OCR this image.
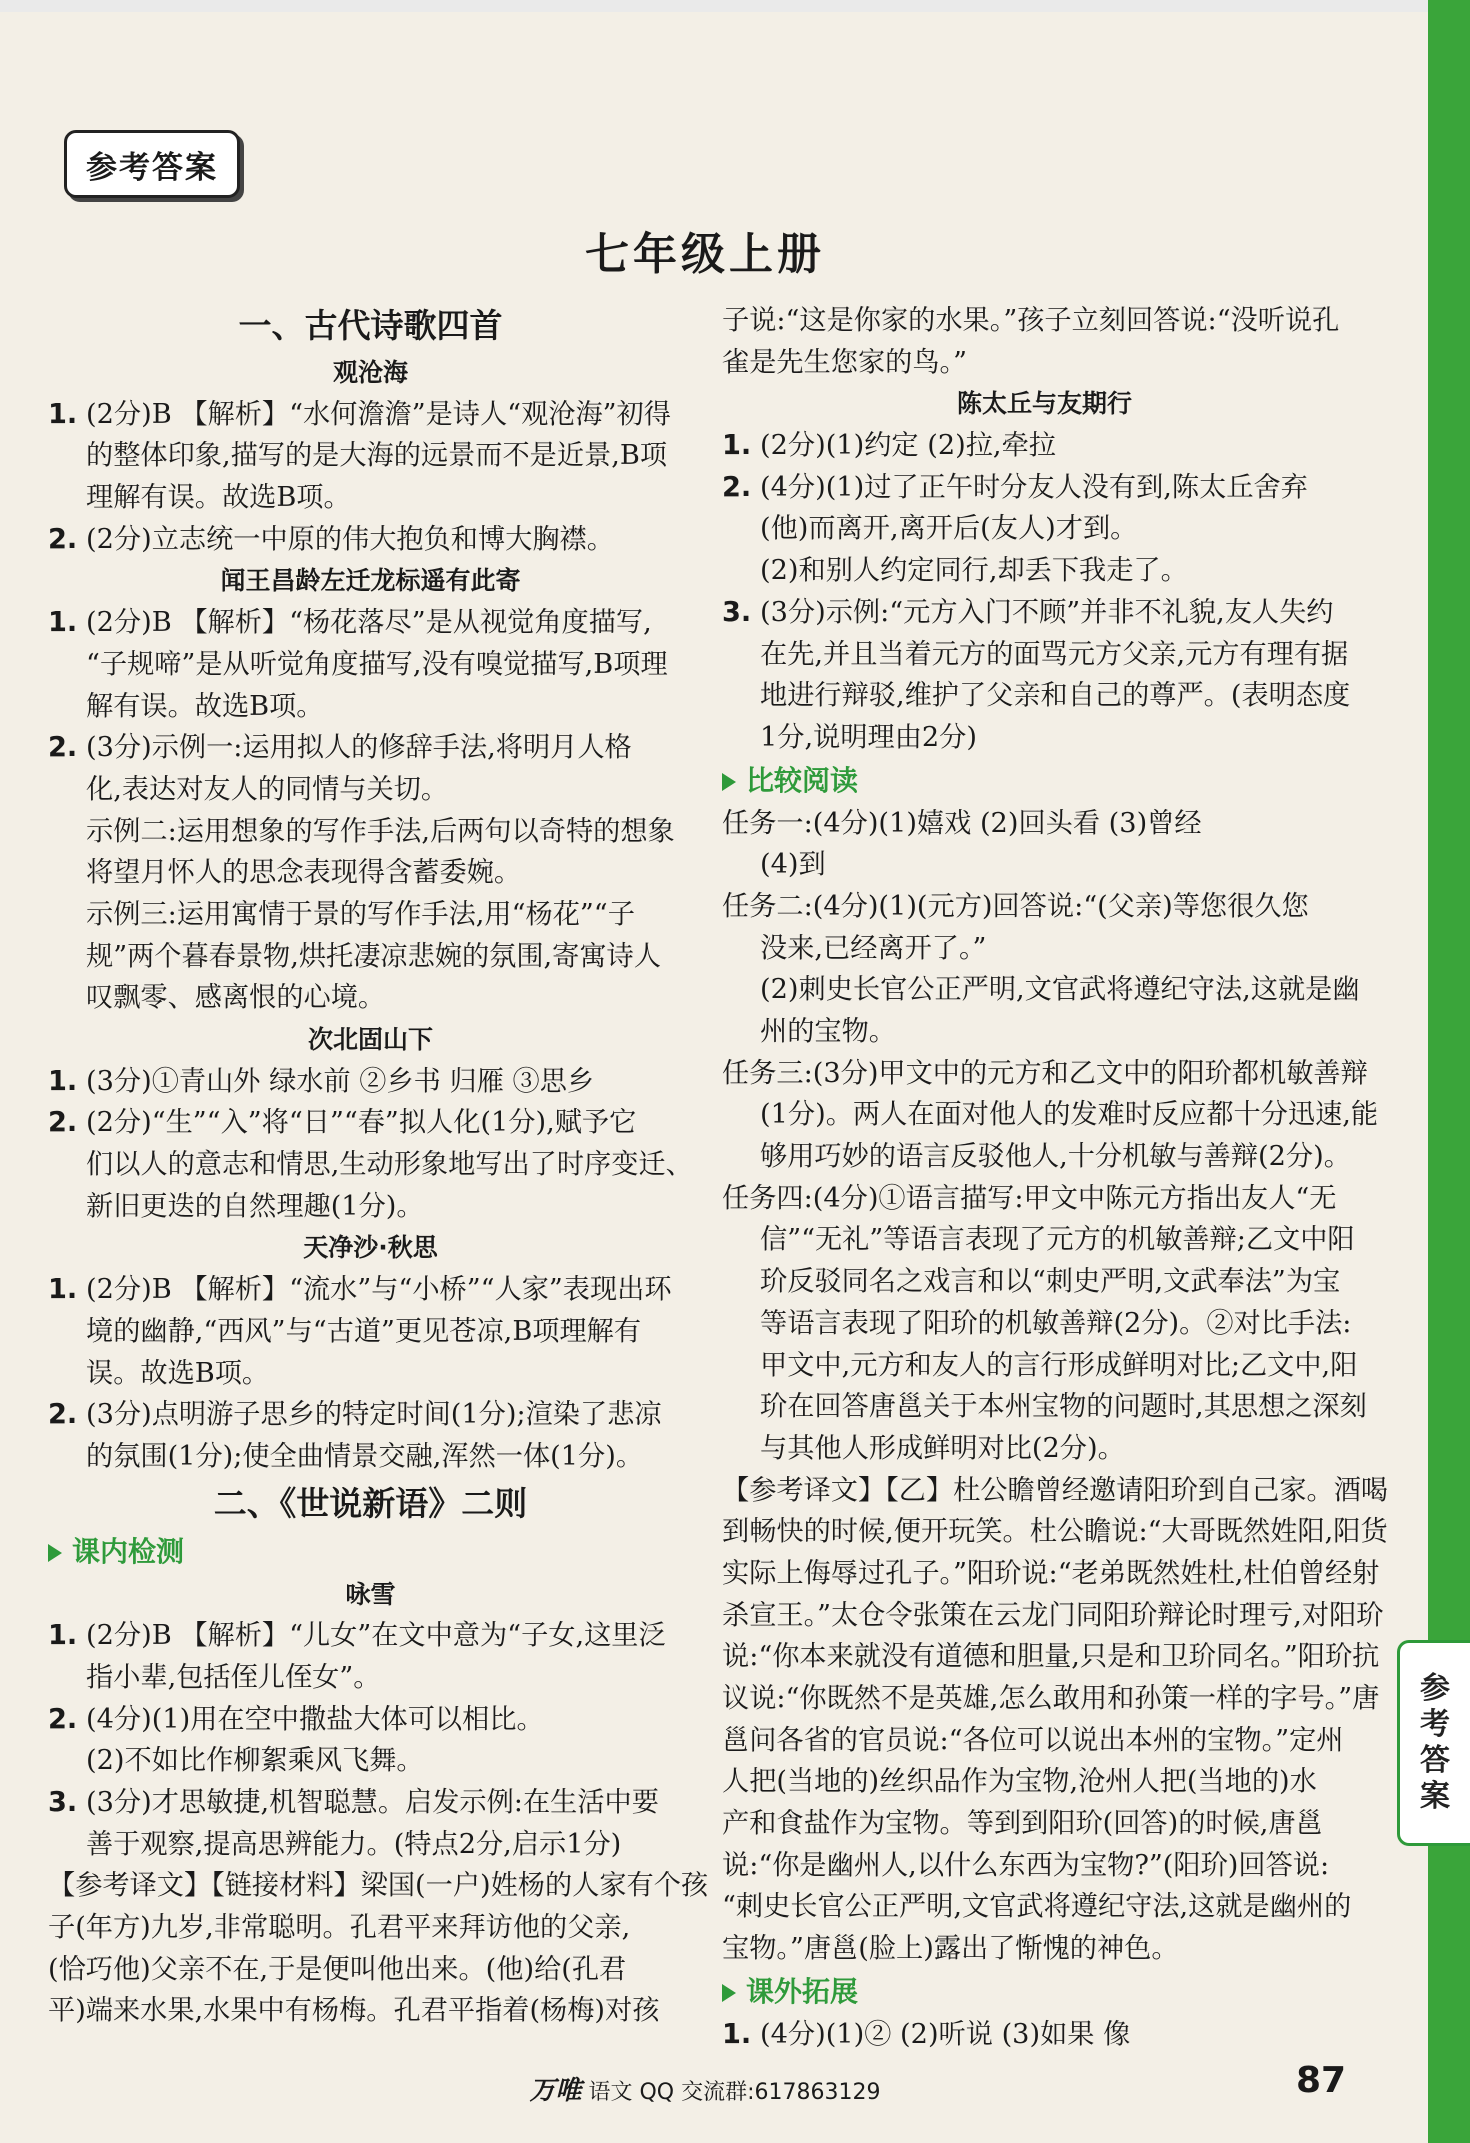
参考答案
七年级上册
一、古代诗歌四首
观沧海
1. (2分)B 【解析】“水何澹澹”是诗人“观沧海”初得
的整体印象,描写的是大海的远景而不是近景,B项
理解有误。故选B项。
2. (2分)立志统一中原的伟大抱负和博大胸襟。
闻王昌龄左迁龙标遥有此寄
1. (2分)B 【解析】“杨花落尽”是从视觉角度描写,
“子规啼”是从听觉角度描写,没有嗅觉描写,B项理
解有误。故选B项。
2. (3分)示例一:运用拟人的修辞手法,将明月人格
化,表达对友人的同情与关切。
示例二:运用想象的写作手法,后两句以奇特的想象
将望月怀人的思念表现得含蓄委婉。
示例三:运用寓情于景的写作手法,用“杨花”“子
规”两个暮春景物,烘托凄凉悲婉的氛围,寄寓诗人
叹飘零、感离恨的心境。
次北固山下
1. (3分)①青山外 绿水前 ②乡书 归雁 ③思乡
2. (2分)“生”“入”将“日”“春”拟人化(1分),赋予它
们以人的意志和情思,生动形象地写出了时序变迁、
新旧更迭的自然理趣(1分)。
天净沙·秋思
1. (2分)B 【解析】“流水”与“小桥”“人家”表现出环
境的幽静,“西风”与“古道”更见苍凉,B项理解有
误。故选B项。
2. (3分)点明游子思乡的特定时间(1分);渲染了悲凉
的氛围(1分);使全曲情景交融,浑然一体(1分)。
二、《世说新语》二则
课内检测
咏雪
1. (2分)B 【解析】“儿女”在文中意为“子女,这里泛
指小辈,包括侄儿侄女”。
2. (4分)(1)用在空中撒盐大体可以相比。
(2)不如比作柳絮乘风飞舞。
3. (3分)才思敏捷,机智聪慧。启发示例:在生活中要
善于观察,提高思辨能力。(特点2分,启示1分)
【参考译文】【链接材料】梁国(一户)姓杨的人家有个孩
子(年方)九岁,非常聪明。孔君平来拜访他的父亲,
(恰巧他)父亲不在,于是便叫他出来。(他)给(孔君
平)端来水果,水果中有杨梅。孔君平指着(杨梅)对孩
子说:“这是你家的水果。”孩子立刻回答说:“没听说孔
雀是先生您家的鸟。”
陈太丘与友期行
1. (2分)(1)约定 (2)拉,牵拉
2. (4分)(1)过了正午时分友人没有到,陈太丘舍弃
(他)而离开,离开后(友人)才到。
(2)和别人约定同行,却丢下我走了。
3. (3分)示例:“元方入门不顾”并非不礼貌,友人失约
在先,并且当着元方的面骂元方父亲,元方有理有据
地进行辩驳,维护了父亲和自己的尊严。(表明态度
1分,说明理由2分)
比较阅读
任务一:(4分)(1)嬉戏 (2)回头看 (3)曾经
(4)到
任务二:(4分)(1)(元方)回答说:“(父亲)等您很久您
没来,已经离开了。”
(2)刺史长官公正严明,文官武将遵纪守法,这就是幽
州的宝物。
任务三:(3分)甲文中的元方和乙文中的阳玠都机敏善辩
(1分)。两人在面对他人的发难时反应都十分迅速,能
够用巧妙的语言反驳他人,十分机敏与善辩(2分)。
任务四:(4分)①语言描写:甲文中陈元方指出友人“无
信”“无礼”等语言表现了元方的机敏善辩;乙文中阳
玠反驳同名之戏言和以“刺史严明,文武奉法”为宝
等语言表现了阳玠的机敏善辩(2分)。②对比手法:
甲文中,元方和友人的言行形成鲜明对比;乙文中,阳
玠在回答唐邕关于本州宝物的问题时,其思想之深刻
与其他人形成鲜明对比(2分)。
【参考译文】【乙】杜公瞻曾经邀请阳玠到自己家。酒喝
到畅快的时候,便开玩笑。杜公瞻说:“大哥既然姓阳,阳货
实际上侮辱过孔子。”阳玠说:“老弟既然姓杜,杜伯曾经射
杀宣王。”太仓令张策在云龙门同阳玠辩论时理亏,对阳玠
说:“你本来就没有道德和胆量,只是和卫玠同名。”阳玠抗
议说:“你既然不是英雄,怎么敢用和孙策一样的字号。”唐
邕问各省的官员说:“各位可以说出本州的宝物。”定州
人把(当地的)丝织品作为宝物,沧州人把(当地的)水
产和食盐作为宝物。等到到阳玠(回答)的时候,唐邕
说:“你是幽州人,以什么东西为宝物?”(阳玠)回答说:
“刺史长官公正严明,文官武将遵纪守法,这就是幽州的
宝物。”唐邕(脸上)露出了惭愧的神色。
课外拓展
1. (4分)(1)② (2)听说 (3)如果 像
参
考
答
案
万唯 语文 QQ 交流群:617863129	87
